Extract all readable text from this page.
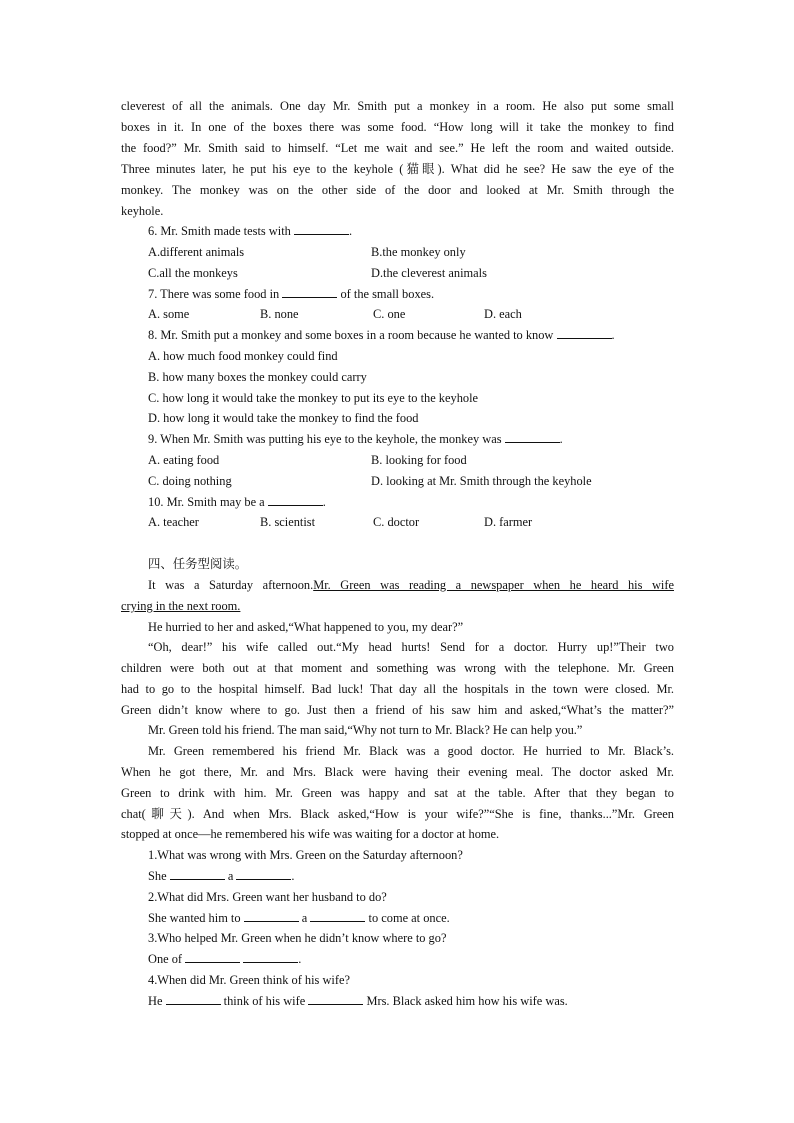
cleverest of all the animals. One day Mr. Smith put a monkey in a room. He also put some small
boxes in it. In one of the boxes there was some food. “How long will it take the monkey to find
the food?” Mr. Smith said to himself. “Let me wait and see.” He left the room and waited outside.
Three minutes later, he put his eye to the keyhole (猫眼). What did he see? He saw the eye of the
monkey. The monkey was on the other side of the door and looked at Mr. Smith through the
keyhole.
6. Mr. Smith made tests with	.
A.different animals	B.the monkey only
C.all the monkeys	D.the cleverest animals
7. There was some food in	of the small boxes.
A. some	B. none	C. one	D. each
8. Mr. Smith put a monkey and some boxes in a room because he wanted to know	.
A. how much food monkey could find
B. how many boxes the monkey could carry
C. how long it would take the monkey to put its eye to the keyhole
D. how long it would take the monkey to find the food
9. When Mr. Smith was putting his eye to the keyhole, the monkey was	.
A. eating food	B. looking for food
C. doing nothing	D. looking at Mr. Smith through the keyhole
10. Mr. Smith may be a	.
A. teacher	B. scientist	C. doctor	D. farmer
四、任务型阅读。
It was a Saturday afternoon.Mr. Green was reading a newspaper when he heard his wife
crying in the next room.
He hurried to her and asked,“What happened to you, my dear?”
“Oh, dear!” his wife called out.“My head hurts! Send for a doctor. Hurry up!”Their two
children were both out at that moment and something was wrong with the telephone. Mr. Green
had to go to the hospital himself. Bad luck! That day all the hospitals in the town were closed. Mr.
Green didn’t know where to go. Just then a friend of his saw him and asked,“What’s the matter?”
Mr. Green told his friend. The man said,“Why not turn to Mr. Black? He can help you.”
Mr. Green remembered his friend Mr. Black was a good doctor. He hurried to Mr. Black’s.
When he got there, Mr. and Mrs. Black were having their evening meal. The doctor asked Mr.
Green to drink with him. Mr. Green was happy and sat at the table. After that they began to
chat(聊天). And when Mrs. Black asked,“How is your wife?”“She is fine, thanks...”Mr. Green
stopped at once—he remembered his wife was waiting for a doctor at home.
1.What was wrong with Mrs. Green on the Saturday afternoon?
She	a	.
2.What did Mrs. Green want her husband to do?
She wanted him to	a	to come at once.
3.Who helped Mr. Green when he didn’t know where to go?
One of	.
4.When did Mr. Green think of his wife?
He	think of his wife	Mrs. Black asked him how his wife was.
